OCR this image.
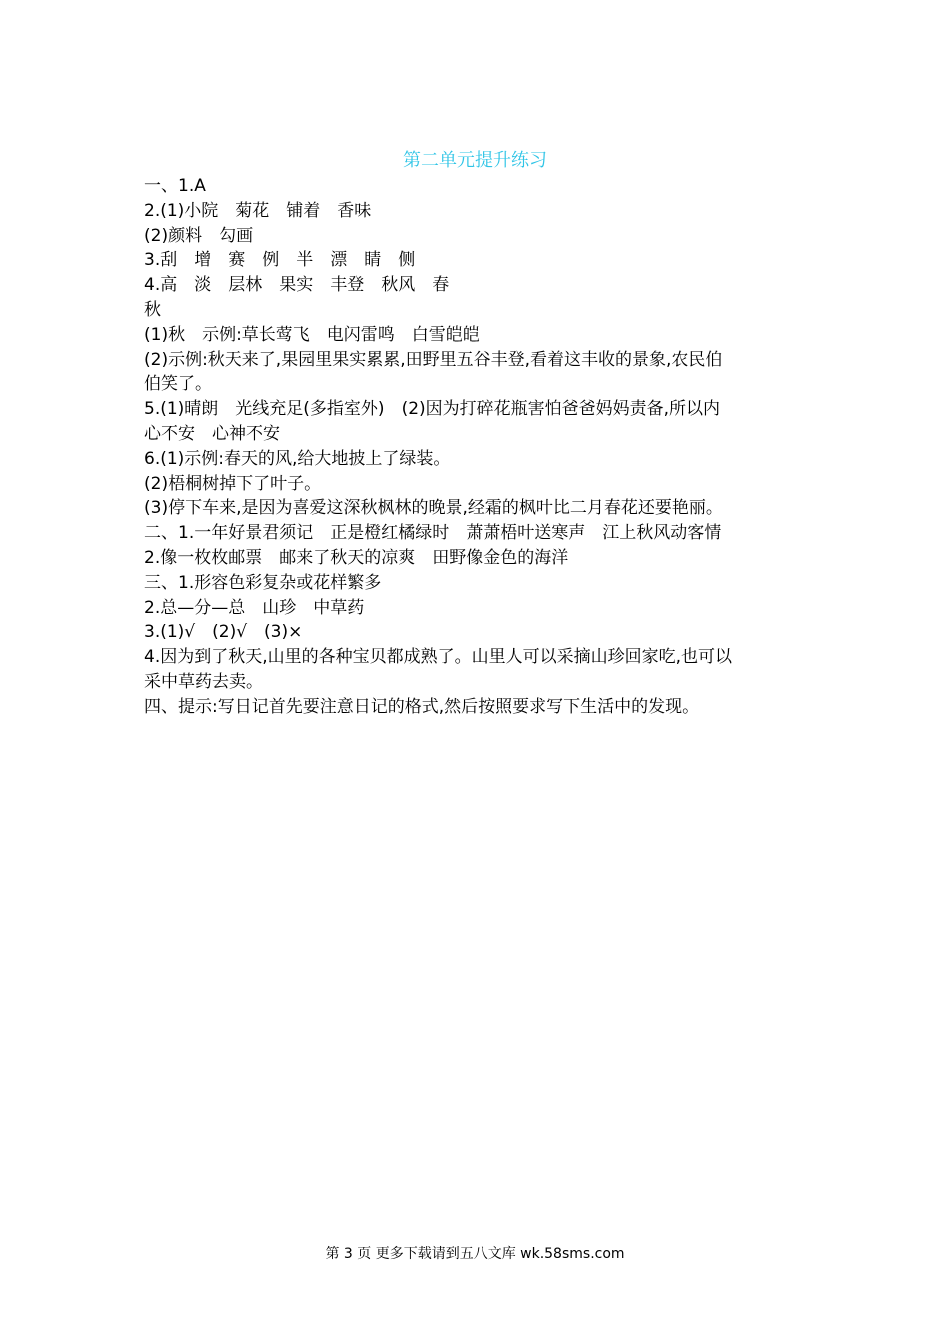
第二单元提升练习
一、1.A
2.(1)小院　菊花　铺着　香味
(2)颜料　勾画
3.刮　增　赛　例　半　漂　睛　侧
4.高　淡　层林　果实　丰登　秋风　春
秋
(1)秋　示例:草长莺飞　电闪雷鸣　白雪皑皑
(2)示例:秋天来了,果园里果实累累,田野里五谷丰登,看着这丰收的景象,农民伯
伯笑了。
5.(1)晴朗　光线充足(多指室外)　(2)因为打碎花瓶害怕爸爸妈妈责备,所以内
心不安　心神不安
6.(1)示例:春天的风,给大地披上了绿装。
(2)梧桐树掉下了叶子。
(3)停下车来,是因为喜爱这深秋枫林的晚景,经霜的枫叶比二月春花还要艳丽。
二、1.一年好景君须记　正是橙红橘绿时　萧萧梧叶送寒声　江上秋风动客情
2.像一枚枚邮票　邮来了秋天的凉爽　田野像金色的海洋
三、1.形容色彩复杂或花样繁多
2.总—分—总　山珍　中草药
3.(1)√　(2)√　(3)×
4.因为到了秋天,山里的各种宝贝都成熟了。山里人可以采摘山珍回家吃,也可以
采中草药去卖。
四、提示:写日记首先要注意日记的格式,然后按照要求写下生活中的发现。
第 3 页 更多下载请到五八文库 wk.58sms.com
